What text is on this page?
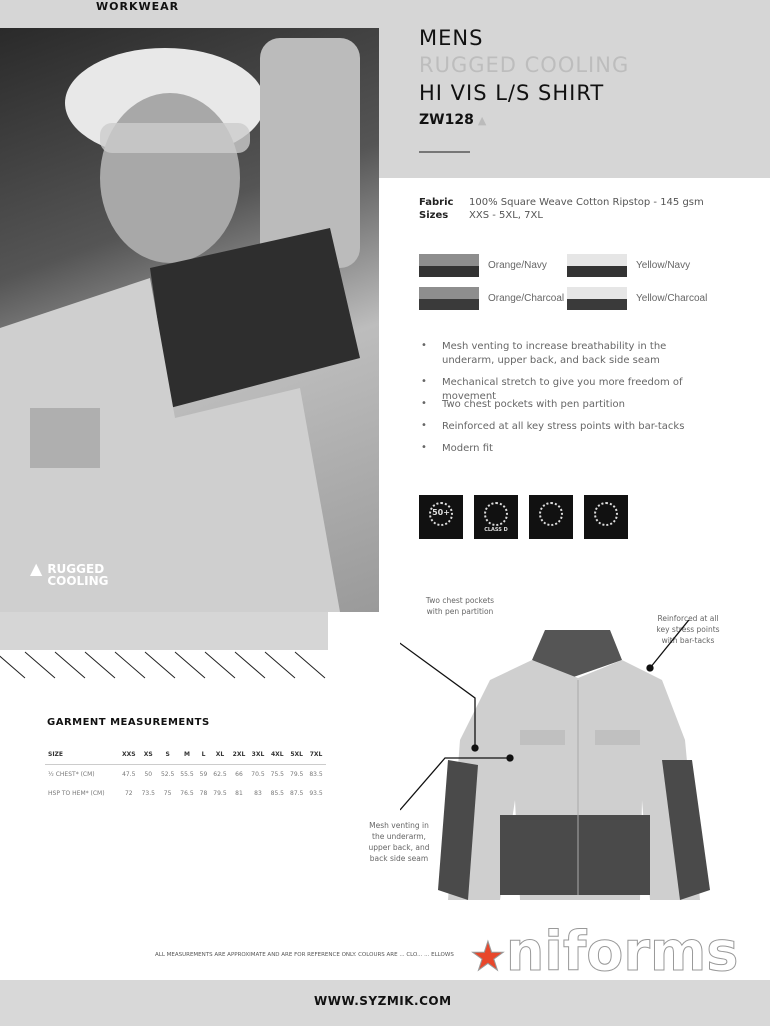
WORKWEAR
▲ RUGGED
COOLING
MENS
RUGGED COOLING
HI VIS L/S SHIRT
ZW128 ▲
Fabric 100% Square Weave Cotton Ripstop - 145 gsm
Sizes XXS - 5XL, 7XL
Orange/Navy	Yellow/Navy
Orange/Charcoal	Yellow/Charcoal
•	Mesh venting to increase breathability in the underarm, upper back, and back side seam
•	Mechanical stretch to give you more freedom of movement
•	Two chest pockets with pen partition
•	Reinforced at all key stress points with bar-tacks
•	Modern fit
50+
CLASS D
Two chest pockets with pen partition
Reinforced at all key stress points with bar-tacks
Mesh venting in the underarm, upper back, and back side seam
GARMENT MEASUREMENTS
SIZE	XXS	XS	S	M	L	XL	2XL	3XL	4XL	5XL	7XL
½ CHEST* (CM)	47.5	50	52.5	55.5	59	62.5	66	70.5	75.5	79.5	83.5
HSP TO HEM* (CM)	72	73.5	75	76.5	78	79.5	81	83	85.5	87.5	93.5
ALL MEASUREMENTS ARE APPROXIMATE AND ARE FOR REFERENCE ONLY. COLOURS ARE ... CLO... ... ELLOWS
WWW.SYZMIK.COM
★niforms
